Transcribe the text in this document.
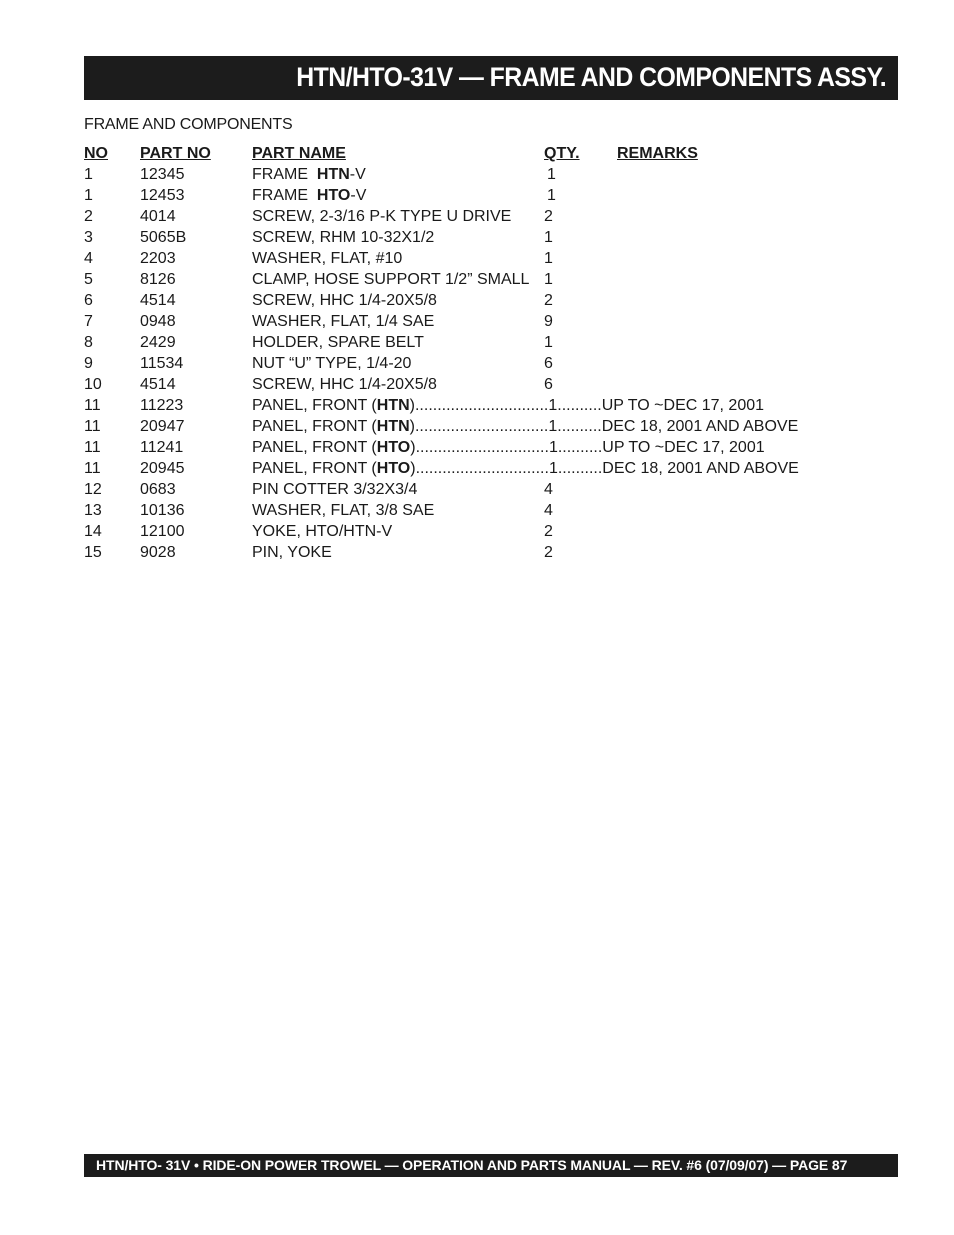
HTN/HTO-31V — FRAME AND COMPONENTS ASSY.
FRAME AND COMPONENTS
NO PART NO	PART NAME	QTY. REMARKS
1	12345	FRAME  HTN-V	1
1	12453	FRAME  HTO-V	1
2	4014	SCREW, 2-3/16 P-K TYPE U DRIVE 2
3	5065B	SCREW, RHM 10-32X1/2	1
4	2203	WASHER, FLAT, #10	1
5	8126	CLAMP, HOSE SUPPORT 1/2” SMALL 1
6	4514	SCREW, HHC 1/4-20X5/8	2
7	0948	WASHER, FLAT, 1/4 SAE	9
8	2429	HOLDER, SPARE BELT	1
9	11534	NUT “U” TYPE, 1/4-20	6
10 4514	SCREW, HHC 1/4-20X5/8	6
11 11223	PANEL, FRONT ( HTN ) .............................. 1 .......... UP TO ~DEC 17, 2001
11 20947	PANEL, FRONT ( HTN ) .............................. 1 .......... DEC 18, 2001 AND ABOVE
11 11241	PANEL, FRONT ( HTO ) .............................. 1 .......... UP TO ~DEC 17, 2001
11 20945	PANEL, FRONT ( HTO ) .............................. 1 .......... DEC 18, 2001 AND ABOVE
12 0683	PIN COTTER 3/32X3/4	4
13 10136	WASHER, FLAT, 3/8 SAE	4
14 12100	YOKE, HTO/HTN-V	2
15 9028	PIN, YOKE	2
HTN/HTO- 31V • RIDE-ON POWER TROWEL — OPERATION AND PARTS MANUAL — REV. #6 (07/09/07) — PAGE 87
